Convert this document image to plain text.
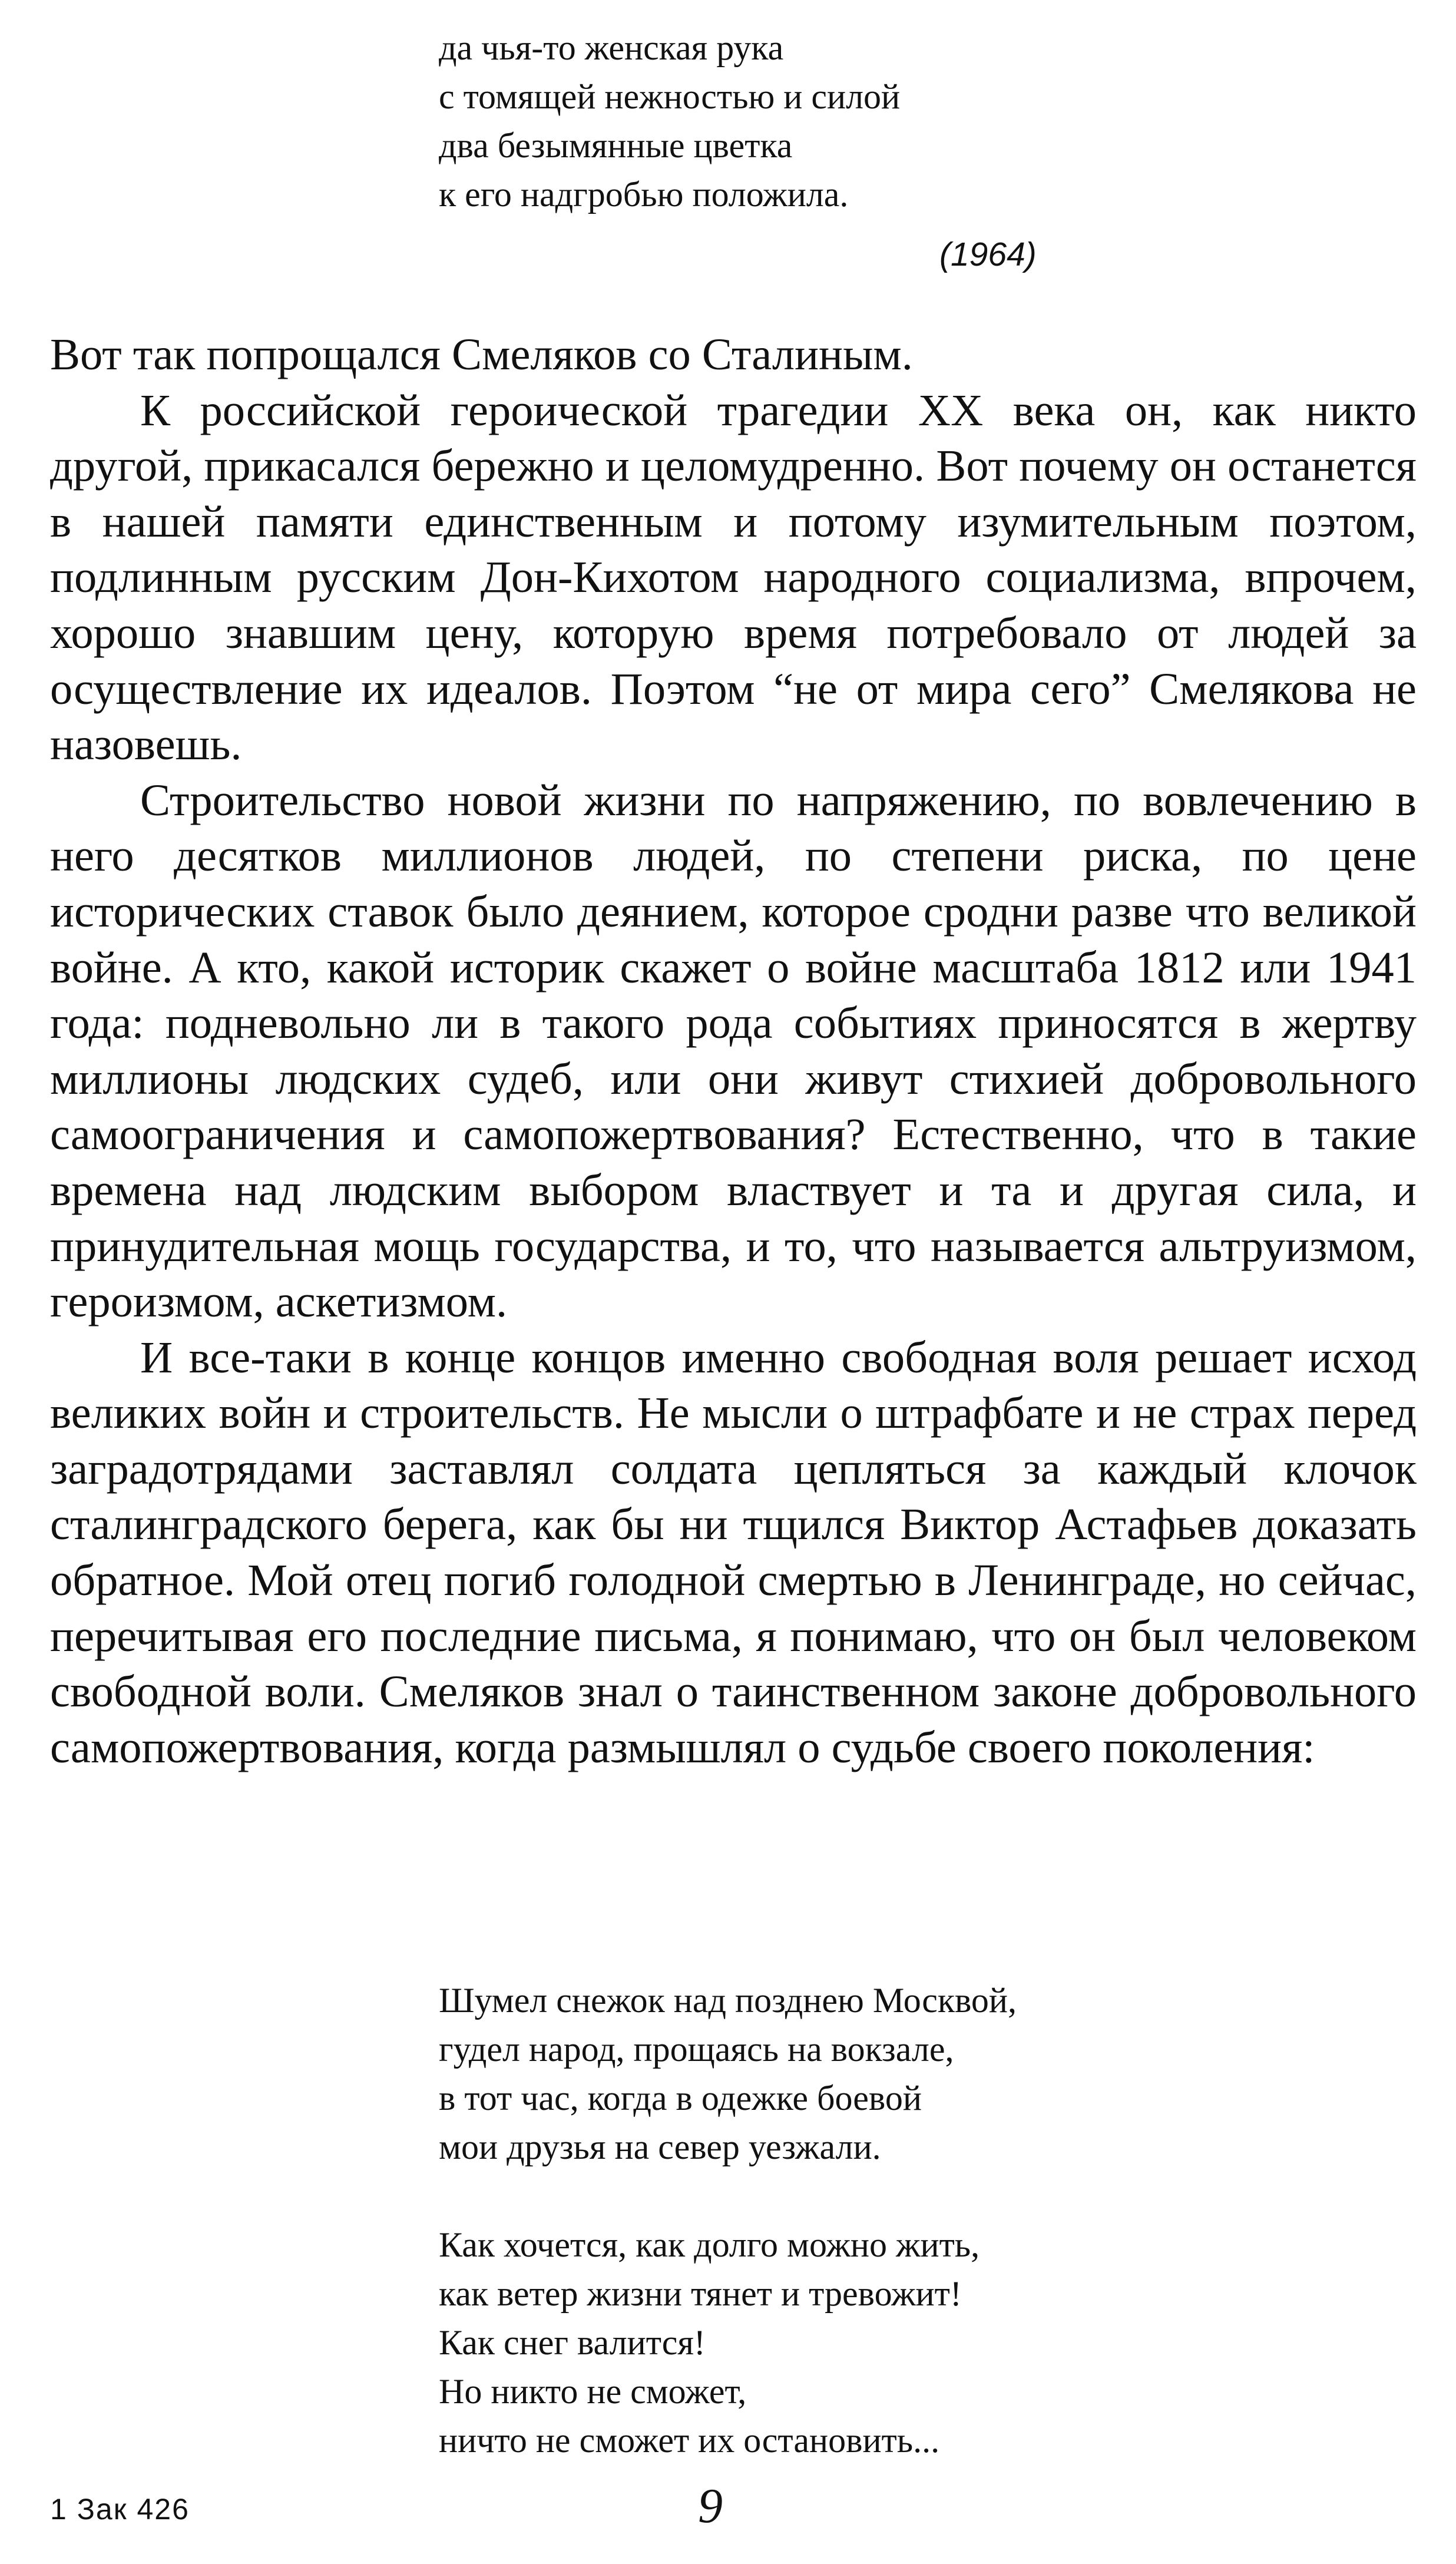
да чья-то женская рука
с томящей нежностью и силой
два безымянные цветка
к его надгробью положила.
(1964)

Вот так попрощался Смеляков со Сталиным.

К российской героической трагедии XX века он, как никто другой, прикасался бережно и целомудренно. Вот почему он останется в нашей памяти единственным и потому изумительным поэтом, подлинным русским Дон-Кихотом народного социализма, впрочем, хорошо знавшим цену, которую время потребовало от людей за осуществление их идеалов. Поэтом “не от мира сего” Смелякова не назовешь.

Строительство новой жизни по напряжению, по вовлечению в него десятков миллионов людей, по степени риска, по цене исторических ставок было деянием, которое сродни разве что великой войне. А кто, какой историк скажет о войне масштаба 1812 или 1941 года: подневольно ли в такого рода событиях приносятся в жертву миллионы людских судеб, или они живут стихией добровольного самоограничения и самопожертвования? Естественно, что в такие времена над людским выбором властвует и та и другая сила, и принудительная мощь государства, и то, что называется альтруизмом, героизмом, аскетизмом.

И все-таки в конце концов именно свободная воля решает исход великих войн и строительств. Не мысли о штрафбате и не страх перед заградотрядами заставлял солдата цепляться за каждый клочок сталинградского берега, как бы ни тщился Виктор Астафьев доказать обратное. Мой отец погиб голодной смертью в Ленинграде, но сейчас, перечитывая его последние письма, я понимаю, что он был человеком свободной воли. Смеляков знал о таинственном законе добровольного самопожертвования, когда размышлял о судьбе своего поколения:

Шумел снежок над позднею Москвой,
гудел народ, прощаясь на вокзале,
в тот час, когда в одежке боевой
мои друзья на север уезжали.
Как хочется, как долго можно жить,
как ветер жизни тянет и тревожит!
Как снег валится!
Но никто не сможет,
ничто не сможет их остановить...
1 Зак 426	9
